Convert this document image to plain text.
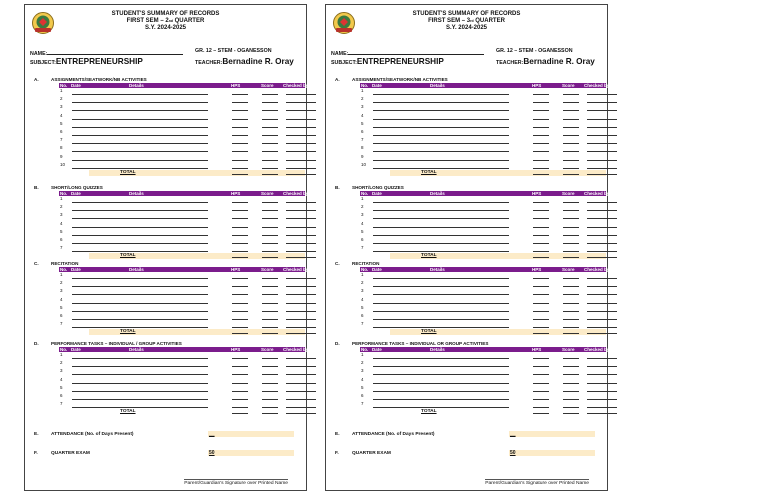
STUDENT'S SUMMARY OF RECORDS
FIRST SEM – 2nd QUARTER
S.Y. 2024-2025
NAME:	GR. 12 – STEM - OGANESSON
SUBJECT:ENTREPRENEURSHIP	TEACHER:Bernadine R. Oray
A.	ASSIGNMENTS/SEATWORK/NB ACTIVITIES
No. Date	Details	HPS	Score Checked by
1
2
3
4
5
6
7
8
9
10
TOTAL
B.	SHORT/LONG QUIZZES
No. Date	Details	HPS	Score Checked by
1
2
3
4
5
6
7
TOTAL
C.	RECITATION
No. Date	Details	HPS	Score Checked by
1
2
3
4
5
6
7
TOTAL
D.	PERFORMANCE TASKS – INDIVIDUAL / GROUP ACTIVITIES
No. Date	Details	HPS	Score Checked by
1
2
3
4
5
6
7
TOTAL
E.	ATTENDANCE (No. of Days Present)	__
F.	QUARTER EXAM	50
Parent/Guardian's Signature over Printed Name
STUDENT'S SUMMARY OF RECORDS
FIRST SEM – 3rd QUARTER
S.Y. 2024-2025
NAME:	GR. 12 – STEM - OGANESSON
SUBJECT:ENTREPRENEURSHIP	TEACHER:Bernadine R. Oray
A.	ASSIGNMENTS/SEATWORK/NB ACTIVITIES
No. Date	Details	HPS	Score Checked by
1
2
3
4
5
6
7
8
9
10
TOTAL
B.	SHORT/LONG QUIZZES
No. Date	Details	HPS	Score Checked by
1
2
3
4
5
6
7
TOTAL
C.	RECITATION
No. Date	Details	HPS	Score Checked by
1
2
3
4
5
6
7
TOTAL
D.	PERFORMANCE TASKS – INDIVIDUAL OR GROUP ACTIVITIES
No. Date	Details	HPS	Score Checked by
1
2
3
4
5
6
7
TOTAL
E.	ATTENDANCE (No. of Days Present)	__
F.	QUARTER EXAM	50
Parent/Guardian's Signature over Printed Name
